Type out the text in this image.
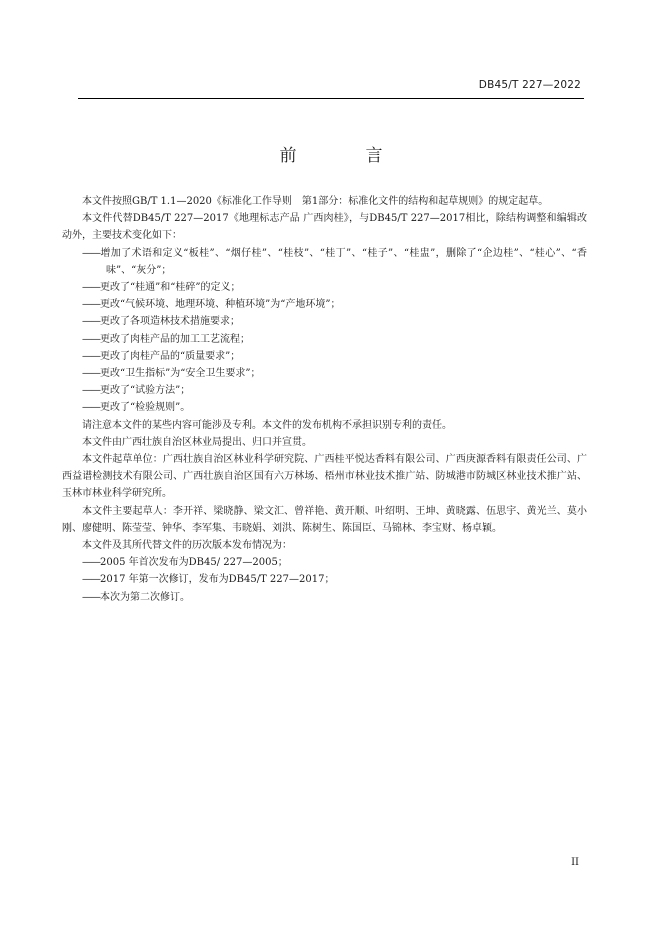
DB45/T 227—2022
前　言

本文件按照GB/T 1.1—2020《标准化工作导则　第1部分：标准化文件的结构和起草规则》的规定起草。

本文件代替DB45/T 227—2017《地理标志产品 广西肉桂》，与DB45/T 227—2017相比，除结构调整和编辑改动外，主要技术变化如下：

——增加了术语和定义“板桂”、“烟仔桂”、“桂枝”、“桂丁”、“桂子”、“桂盅”，删除了“企边桂”、“桂心”、“香味”、“灰分”；

——更改了“桂通”和“桂碎”的定义；

——更改“气候环境、地理环境、种植环境”为“产地环境”；

——更改了各项造林技术措施要求；

——更改了肉桂产品的加工工艺流程；

——更改了肉桂产品的“质量要求”；

——更改“卫生指标”为“安全卫生要求”；

——更改了“试验方法”；

——更改了“检验规则”。

请注意本文件的某些内容可能涉及专利。本文件的发布机构不承担识别专利的责任。

本文件由广西壮族自治区林业局提出、归口并宣贯。

本文件起草单位：广西壮族自治区林业科学研究院、广西桂平悦达香料有限公司、广西庚源香料有限责任公司、广西益谱检测技术有限公司、广西壮族自治区国有六万林场、梧州市林业技术推广站、防城港市防城区林业技术推广站、玉林市林业科学研究所。

本文件主要起草人：李开祥、梁晓静、梁文汇、曾祥艳、黄开顺、叶绍明、王坤、黄晓露、伍思宇、黄光兰、莫小刚、廖健明、陈莹莹、钟华、李军集、韦晓娟、刘洪、陈树生、陈国臣、马锦林、李宝财、杨卓颖。

本文件及其所代替文件的历次版本发布情况为：

——2005 年首次发布为DB45/ 227—2005；

——2017 年第一次修订，发布为DB45/T 227—2017；

——本次为第二次修订。

II
